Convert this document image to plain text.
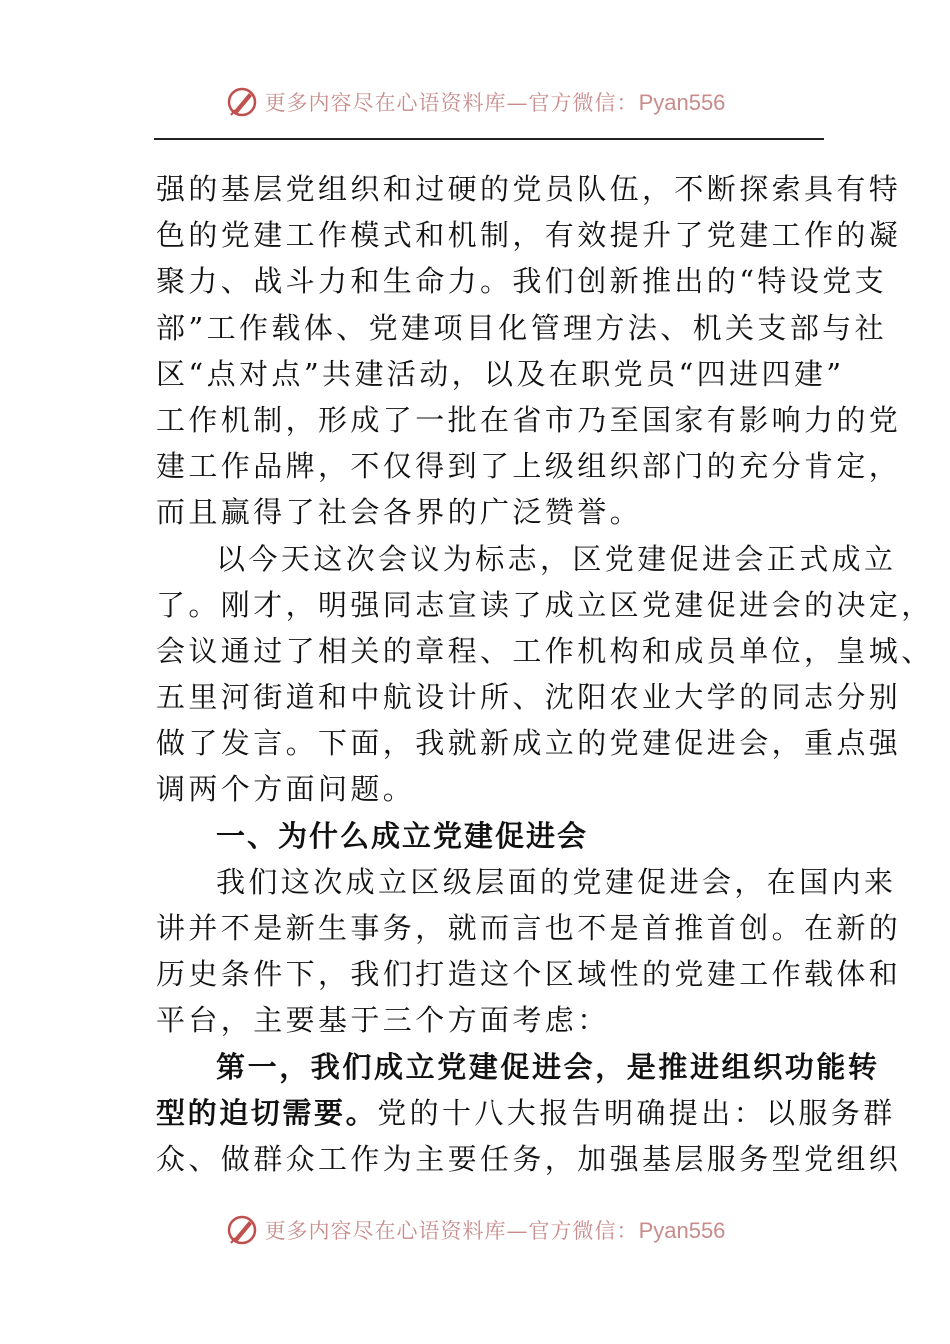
更多内容尽在心语资料库—官方微信：Pyan556
强的基层党组织和过硬的党员队伍，不断探索具有特
色的党建工作模式和机制，有效提升了党建工作的凝
聚力、战斗力和生命力。我们创新推出的“特设党支
部”工作载体、党建项目化管理方法、机关支部与社
区“点对点”共建活动，以及在职党员“四进四建”
工作机制，形成了一批在省市乃至国家有影响力的党
建工作品牌，不仅得到了上级组织部门的充分肯定，
而且赢得了社会各界的广泛赞誉。
以今天这次会议为标志，区党建促进会正式成立
了。刚才，明强同志宣读了成立区党建促进会的决定，
会议通过了相关的章程、工作机构和成员单位，皇城、
五里河街道和中航设计所、沈阳农业大学的同志分别
做了发言。下面，我就新成立的党建促进会，重点强
调两个方面问题。
一、为什么成立党建促进会
我们这次成立区级层面的党建促进会，在国内来
讲并不是新生事务，就而言也不是首推首创。在新的
历史条件下，我们打造这个区域性的党建工作载体和
平台，主要基于三个方面考虑：
第一，我们成立党建促进会，是推进组织功能转
型的迫切需要。党的十八大报告明确提出：以服务群
众、做群众工作为主要任务，加强基层服务型党组织
更多内容尽在心语资料库—官方微信：Pyan556
